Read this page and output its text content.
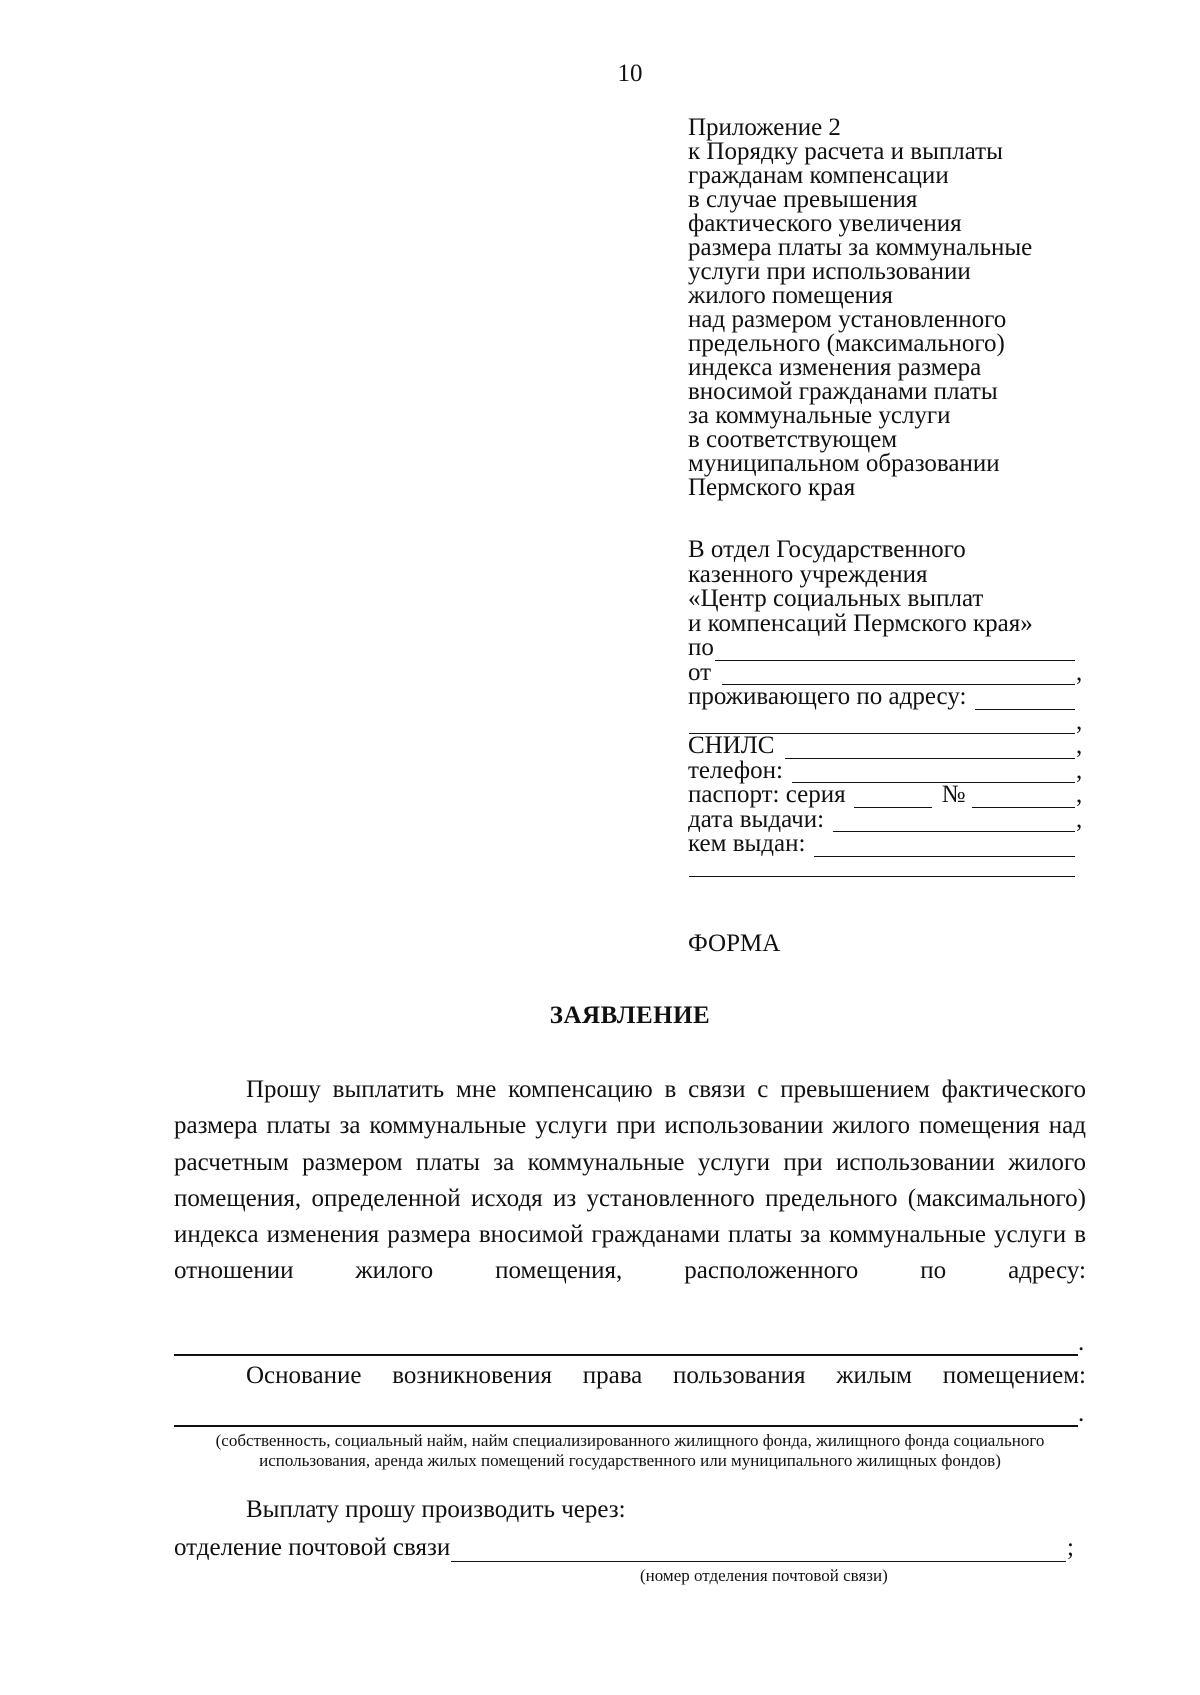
10
Приложение 2
к Порядку расчета и выплаты
гражданам компенсации
в случае превышения
фактического увеличения
размера платы за коммунальные
услуги при использовании
жилого помещения
над размером установленного
предельного (максимального)
индекса изменения размера
вносимой гражданами платы
за коммунальные услуги
в соответствующем
муниципальном образовании
Пермского края
В отдел Государственного
казенного учреждения
«Центр социальных выплат
и компенсаций Пермского края»
по
от	,
проживающего по адресу:
,
СНИЛС	,
телефон:	,
паспорт: серия	№	,
дата выдачи:	,
кем выдан:
ФОРМА
ЗАЯВЛЕНИЕ
Прошу выплатить мне компенсацию в связи с превышением фактического размера платы за коммунальные услуги при использовании жилого помещения над расчетным размером платы за коммунальные услуги при использовании жилого помещения, определенной исходя из установленного предельного (максимального) индекса изменения размера вносимой гражданами платы за коммунальные услуги в отношении жилого помещения, расположенного по адресу:
.
Основание возникновения права пользования жилым помещением:
.
(собственность, социальный найм, найм специализированного жилищного фонда, жилищного фонда социального использования, аренда жилых помещений государственного или муниципального жилищных фондов)
Выплату прошу производить через:
отделение почтовой связи	;
(номер отделения почтовой связи)
